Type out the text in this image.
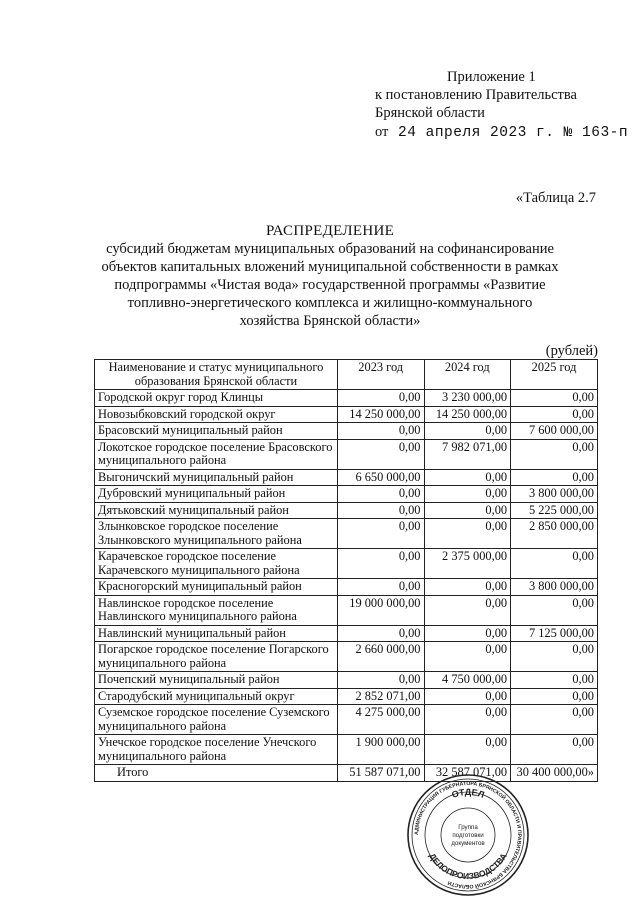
Приложение 1
к постановлению Правительства
Брянской области
от 24 апреля 2023 г. № 163-п
«Таблица 2.7
РАСПРЕДЕЛЕНИЕ
субсидий бюджетам муниципальных образований на софинансирование
объектов капитальных вложений муниципальной собственности в рамках
подпрограммы «Чистая вода» государственной программы «Развитие
топливно-энергетического комплекса и жилищно-коммунального
хозяйства Брянской области»
(рублей)
Наименование и статус муниципального образования Брянской области	2023 год	2024 год	2025 год
Городской округ город Клинцы	0,00	3 230 000,00	0,00
Новозыбковский городской округ	14 250 000,00	14 250 000,00	0,00
Брасовский муниципальный район	0,00	0,00	7 600 000,00
Локотское городское поселение Брасовского муниципального района	0,00	7 982 071,00	0,00
Выгоничский муниципальный район	6 650 000,00	0,00	0,00
Дубровский муниципальный район	0,00	0,00	3 800 000,00
Дятьковский муниципальный район	0,00	0,00	5 225 000,00
Злынковское городское поселение Злынковского муниципального района	0,00	0,00	2 850 000,00
Карачевское городское поселение Карачевского муниципального района	0,00	2 375 000,00	0,00
Красногорский муниципальный район	0,00	0,00	3 800 000,00
Навлинское городское поселение Навлинского муниципального района	19 000 000,00	0,00	0,00
Навлинский муниципальный район	0,00	0,00	7 125 000,00
Погарское городское поселение Погарского муниципального района	2 660 000,00	0,00	0,00
Почепский муниципальный район	0,00	4 750 000,00	0,00
Стародубский муниципальный округ	2 852 071,00	0,00	0,00
Суземское городское поселение Суземского муниципального района	4 275 000,00	0,00	0,00
Унечское городское поселение Унечского муниципального района	1 900 000,00	0,00	0,00
Итого	51 587 071,00	32 587 071,00	30 400 000,00»
АДМИНИСТРАЦИЯ ГУБЕРНАТОРА БРЯНСКОЙ ОБЛАСТИ И ПРАВИТЕЛЬСТВА БРЯНСКОЙ ОБЛАСТИ
ОТДЕЛ
ДЕЛОПРОИЗВОДСТВА
Группа
подготовки
документов
